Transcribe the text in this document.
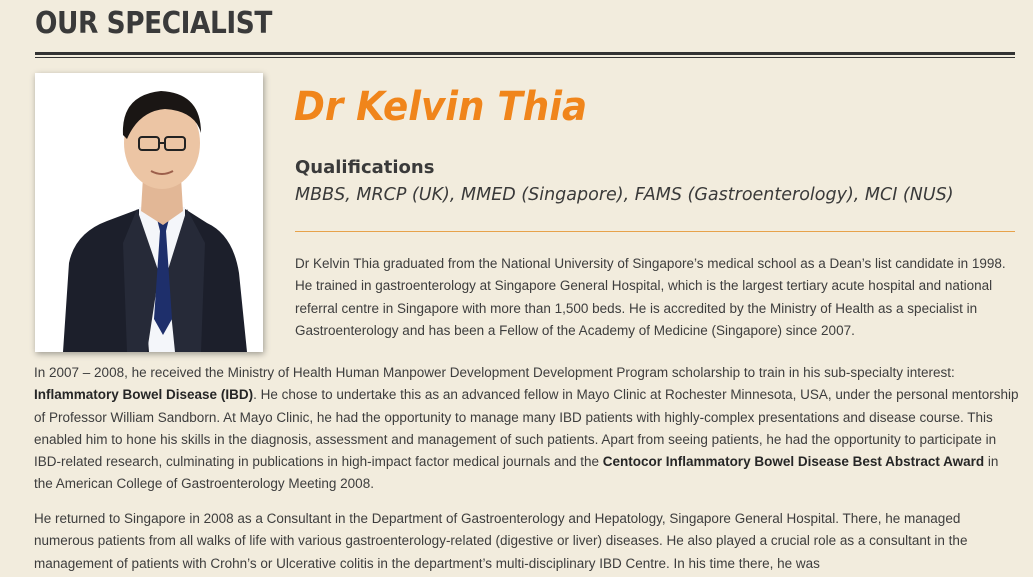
OUR SPECIALIST
Dr Kelvin Thia
Qualifications
MBBS, MRCP (UK), MMED (Singapore), FAMS (Gastroenterology), MCI (NUS)

Dr Kelvin Thia graduated from the National University of Singapore’s medical school as a Dean’s list candidate in 1998. He trained in gastroenterology at Singapore General Hospital, which is the largest tertiary acute hospital and national referral centre in Singapore with more than 1,500 beds. He is accredited by the Ministry of Health as a specialist in Gastroenterology and has been a Fellow of the Academy of Medicine (Singapore) since 2007.

In 2007 – 2008, he received the Ministry of Health Human Manpower Development Development Program scholarship to train in his sub-specialty interest: Inflammatory Bowel Disease (IBD). He chose to undertake this as an advanced fellow in Mayo Clinic at Rochester Minnesota, USA, under the personal mentorship of Professor William Sandborn. At Mayo Clinic, he had the opportunity to manage many IBD patients with highly-complex presentations and disease course. This enabled him to hone his skills in the diagnosis, assessment and management of such patients. Apart from seeing patients, he had the opportunity to participate in IBD-related research, culminating in publications in high-impact factor medical journals and the Centocor Inflammatory Bowel Disease Best Abstract Award in the American College of Gastroenterology Meeting 2008.

He returned to Singapore in 2008 as a Consultant in the Department of Gastroenterology and Hepatology, Singapore General Hospital. There, he managed numerous patients from all walks of life with various gastroenterology-related (digestive or liver) diseases. He also played a crucial role as a consultant in the management of patients with Crohn’s or Ulcerative colitis in the department’s multi-disciplinary IBD Centre. In his time there, he was
